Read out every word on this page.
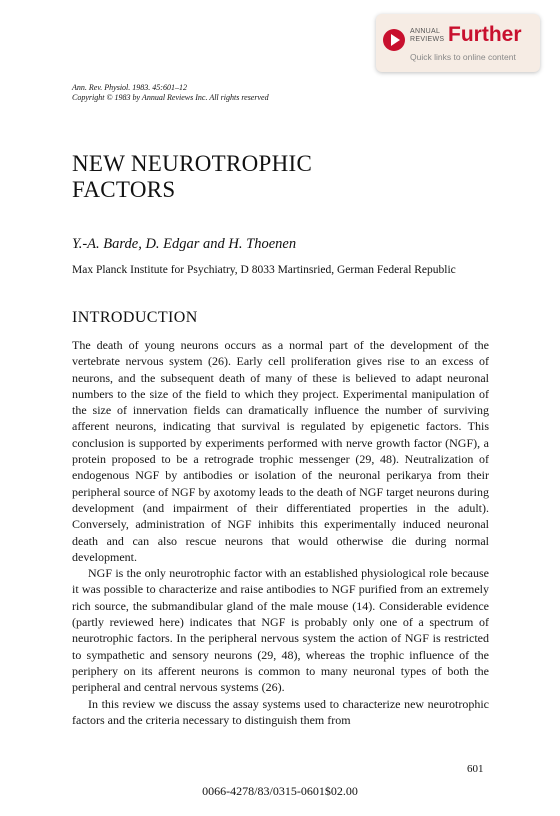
ANNUAL
REVIEWS Further
Quick links to online content
Ann. Rev. Physiol. 1983. 45:601–12
Copyright © 1983 by Annual Reviews Inc. All rights reserved
NEW NEUROTROPHIC
FACTORS
Y.-A. Barde, D. Edgar and H. Thoenen
Max Planck Institute for Psychiatry, D 8033 Martinsried, German Federal Republic
INTRODUCTION

The death of young neurons occurs as a normal part of the development of the vertebrate nervous system (26). Early cell proliferation gives rise to an excess of neurons, and the subsequent death of many of these is believed to adapt neuronal numbers to the size of the field to which they project. Experimental manipulation of the size of innervation fields can dramatically influence the number of surviving afferent neurons, indicating that survival is regulated by epigenetic factors. This conclusion is supported by experiments performed with nerve growth factor (NGF), a protein proposed to be a retrograde trophic messenger (29, 48). Neutralization of endogenous NGF by antibodies or isolation of the neuronal perikarya from their peripheral source of NGF by axotomy leads to the death of NGF target neurons during development (and impairment of their differentiated properties in the adult). Conversely, administration of NGF inhibits this experimentally induced neuronal death and can also rescue neurons that would otherwise die during normal development.

NGF is the only neurotrophic factor with an established physiological role because it was possible to characterize and raise antibodies to NGF purified from an extremely rich source, the submandibular gland of the male mouse (14). Considerable evidence (partly reviewed here) indicates that NGF is probably only one of a spectrum of neurotrophic factors. In the peripheral nervous system the action of NGF is restricted to sympathetic and sensory neurons (29, 48), whereas the trophic influence of the periphery on its afferent neurons is common to many neuronal types of both the peripheral and central nervous systems (26).

In this review we discuss the assay systems used to characterize new neurotrophic factors and the criteria necessary to distinguish them from

601
0066-4278/83/0315-0601$02.00
